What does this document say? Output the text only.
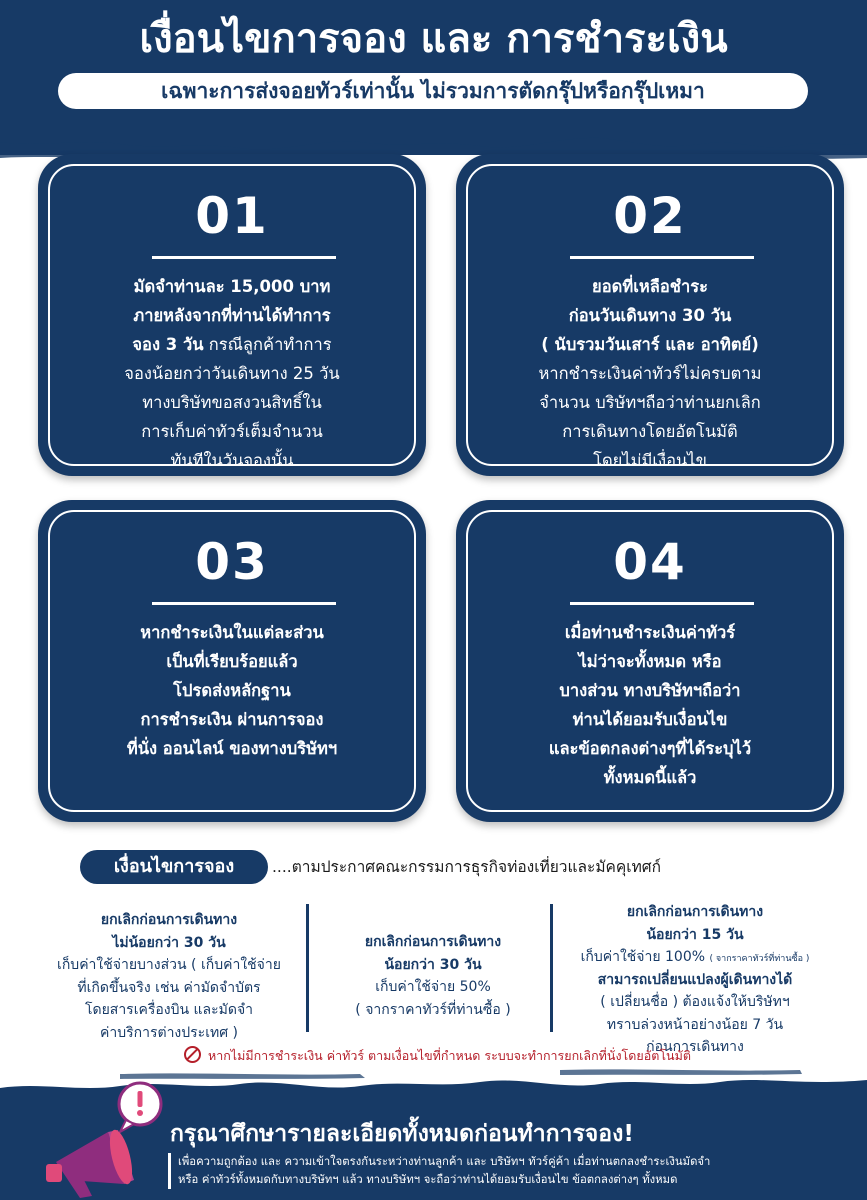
เงื่อนไขการจอง และ การชำระเงิน
เฉพาะการส่งจอยทัวร์เท่านั้น ไม่รวมการตัดกรุ๊ปหรือกรุ๊ปเหมา
01
มัดจำท่านละ 15,000 บาท
ภายหลังจากที่ท่านได้ทำการ
จอง 3 วัน กรณีลูกค้าทำการ
จองน้อยกว่าวันเดินทาง 25 วัน
ทางบริษัทขอสงวนสิทธิ์ใน
การเก็บค่าทัวร์เต็มจำนวน
ทันทีในวันจองนั้น
02
ยอดที่เหลือชำระ
ก่อนวันเดินทาง 30 วัน
( นับรวมวันเสาร์ และ อาทิตย์)
หากชำระเงินค่าทัวร์ไม่ครบตาม
จำนวน บริษัทฯถือว่าท่านยกเลิก
การเดินทางโดยอัตโนมัติ
โดยไม่มีเงื่อนไข
03
หากชำระเงินในแต่ละส่วน
เป็นที่เรียบร้อยแล้ว
โปรดส่งหลักฐาน
การชำระเงิน ผ่านการจอง
ที่นั่ง ออนไลน์ ของทางบริษัทฯ
04
เมื่อท่านชำระเงินค่าทัวร์
ไม่ว่าจะทั้งหมด หรือ
บางส่วน ทางบริษัทฯถือว่า
ท่านได้ยอมรับเงื่อนไข
และข้อตกลงต่างๆที่ได้ระบุไว้
ทั้งหมดนี้แล้ว
เงื่อนไขการจอง	....ตามประกาศคณะกรรมการธุรกิจท่องเที่ยวและมัคคุเทศก์
ยกเลิกก่อนการเดินทาง
ไม่น้อยกว่า 30 วัน
เก็บค่าใช้จ่ายบางส่วน ( เก็บค่าใช้จ่าย
ที่เกิดขึ้นจริง เช่น ค่ามัดจำบัตร
โดยสารเครื่องบิน และมัดจำ
ค่าบริการต่างประเทศ )
ยกเลิกก่อนการเดินทาง
น้อยกว่า 30 วัน
เก็บค่าใช้จ่าย 50%
( จากราคาทัวร์ที่ท่านซื้อ )
ยกเลิกก่อนการเดินทาง
น้อยกว่า 15 วัน
เก็บค่าใช้จ่าย 100% ( จากราคาทัวร์ที่ท่านซื้อ )
สามารถเปลี่ยนแปลงผู้เดินทางได้
( เปลี่ยนชื่อ ) ต้องแจ้งให้บริษัทฯ
ทราบล่วงหน้าอย่างน้อย 7 วัน
ก่อนการเดินทาง
หากไม่มีการชำระเงิน ค่าทัวร์ ตามเงื่อนไขที่กำหนด ระบบจะทำการยกเลิกที่นั่งโดยอัตโนมัติ
กรุณาศึกษารายละเอียดทั้งหมดก่อนทำการจอง!
เพื่อความถูกต้อง และ ความเข้าใจตรงกันระหว่างท่านลูกค้า และ บริษัทฯ ทัวร์คู่ค้า เมื่อท่านตกลงชำระเงินมัดจำ
หรือ ค่าทัวร์ทั้งหมดกับทางบริษัทฯ แล้ว ทางบริษัทฯ จะถือว่าท่านได้ยอมรับเงื่อนไข ข้อตกลงต่างๆ ทั้งหมด
